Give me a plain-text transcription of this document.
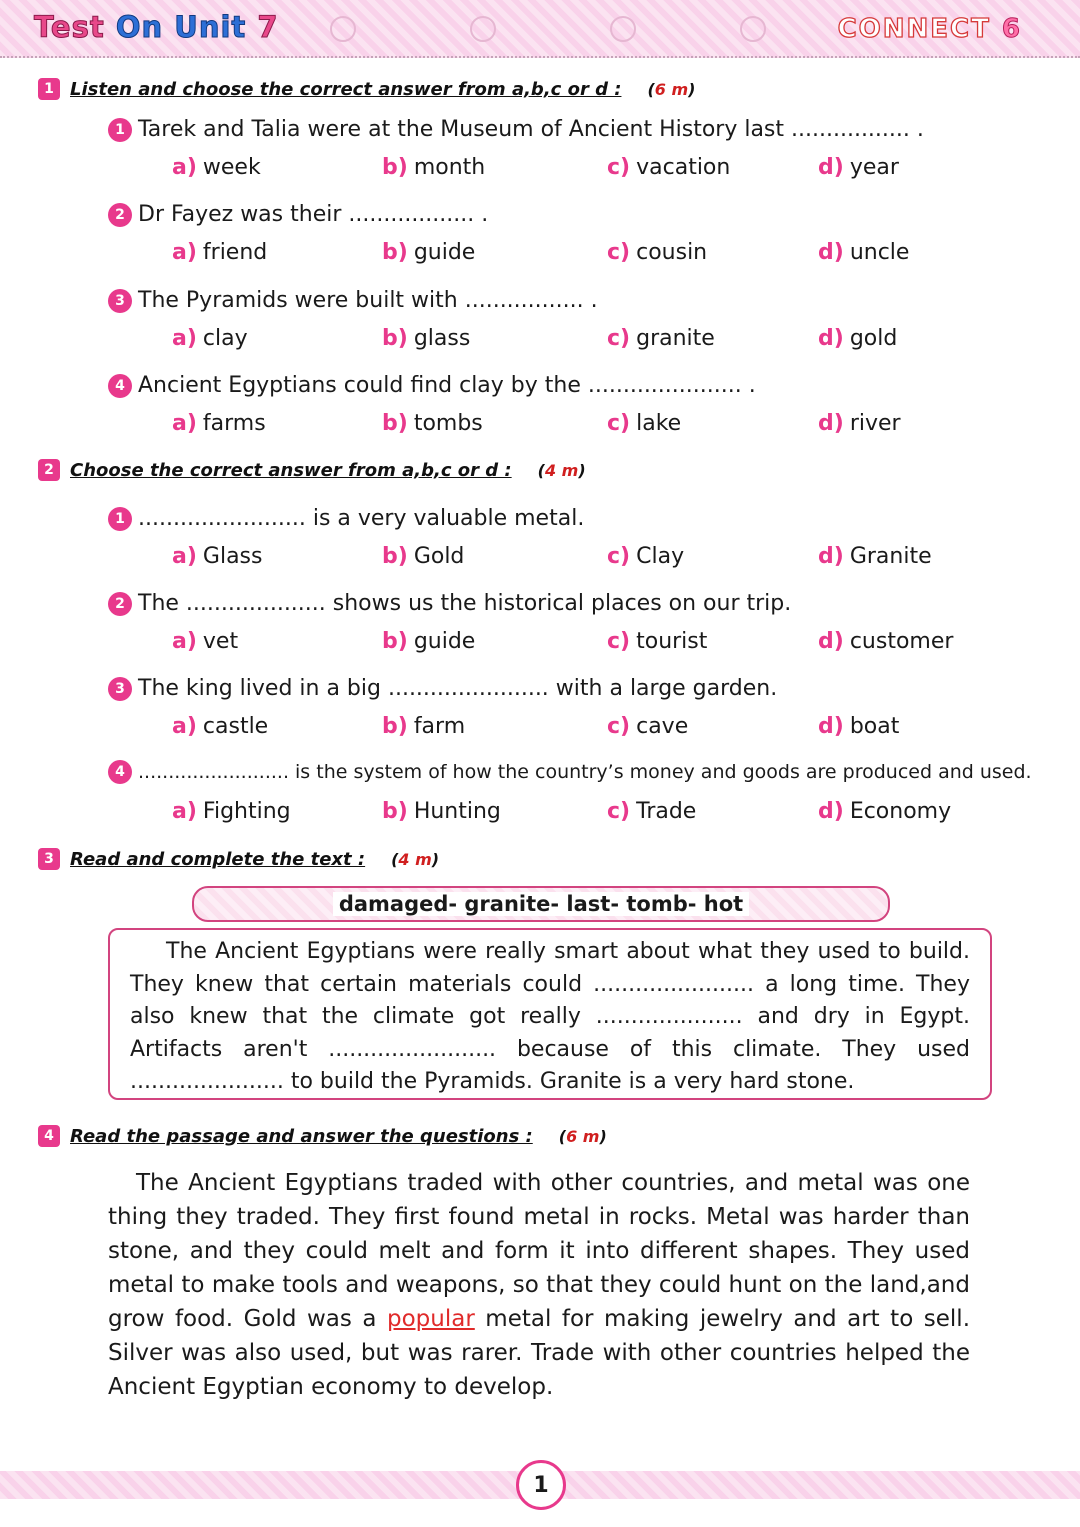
Test On Unit 7	CONNECT 6
1 Listen and choose the correct answer from a,b,c or d : (6 m)
1 Tarek and Talia were at the Museum of Ancient History last ................. .
a) week	b) month	c) vacation	d) year
2 Dr Fayez was their .................. .
a) friend	b) guide	c) cousin	d) uncle
3 The Pyramids were built with ................. .
a) clay	b) glass	c) granite	d) gold
4 Ancient Egyptians could find clay by the ...................... .
a) farms	b) tombs	c) lake	d) river
2 Choose the correct answer from a,b,c or d : (4 m)
1 ........................ is a very valuable metal.
a) Glass	b) Gold	c) Clay	d) Granite
2 The .................... shows us the historical places on our trip.
a) vet	b) guide	c) tourist	d) customer
3 The king lived in a big ....................... with a large garden.
a) castle	b) farm	c) cave	d) boat
4 ......................... is the system of how the country’s money and goods are produced and used.
a) Fighting	b) Hunting	c) Trade	d) Economy
3 Read and complete the text : (4 m)
damaged- granite- last- tomb- hot

The Ancient Egyptians were really smart about what they used to build. They knew that certain materials could ....................... a long time. They also knew that the climate got really ..................... and dry in Egypt. Artifacts aren't ........................ because of this climate. They used ...................... to build the Pyramids. Granite is a very hard stone.

4 Read the passage and answer the questions : (6 m)

The Ancient Egyptians traded with other countries, and metal was one thing they traded. They first found metal in rocks. Metal was harder than stone, and they could melt and form it into different shapes. They used metal to make tools and weapons, so that they could hunt on the land,and grow food. Gold was a popular metal for making jewelry and art to sell. Silver was also used, but was rarer. Trade with other countries helped the Ancient Egyptian economy to develop.

1
